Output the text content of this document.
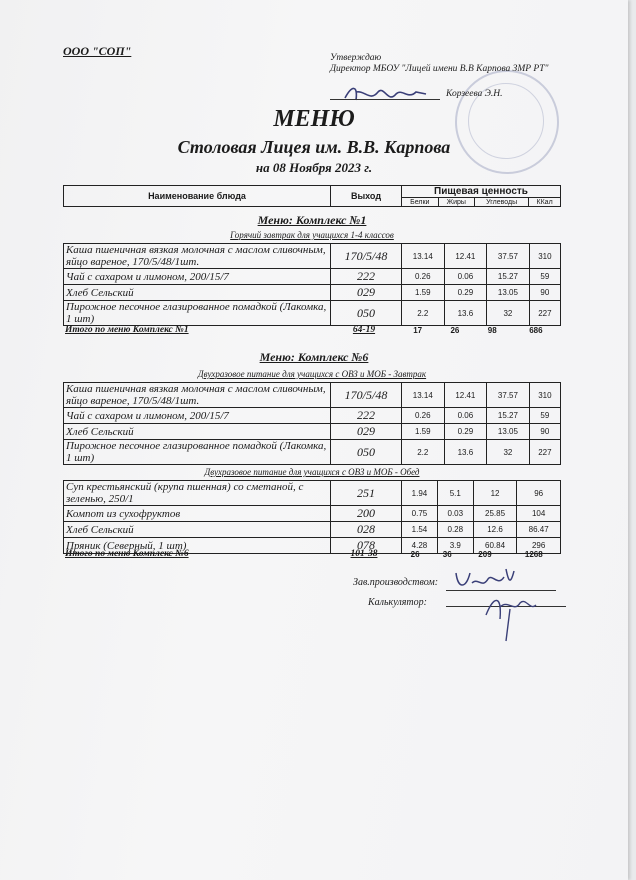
ООО "СОП"	Утверждаю
Директор МБОУ "Лицей имени В.В Карпова ЗМР РТ"
Корзеева Э.Н.
МЕНЮ
Столовая Лицея им. В.В. Карпова
на 08 Ноября 2023 г.
Наименование блюда	Выход	Пищевая ценность			
		Белки	Жиры	Углеводы	ККал
Меню: Комплекс №1
Горячий завтрак для учащихся 1-4 классов
Каша пшеничная вязкая молочная с маслом сливочным, яйцо вареное, 170/5/48/1шт.	170/5/48	13.14	12.41	37.57	310
Чай с сахаром и лимоном, 200/15/7	222	0.26	0.06	15.27	59
Хлеб Сельский	029	1.59	0.29	13.05	90
Пирожное песочное глазированное помадкой (Лакомка, 1 шт)	050	2.2	13.6	32	227
Итого по меню Комплекс №1	64-19	17	26	98	686
Меню: Комплекс №6
Двухразовое питание для учащихся с ОВЗ и МОБ - Завтрак
Каша пшеничная вязкая молочная с маслом сливочным, яйцо вареное, 170/5/48/1шт.	170/5/48	13.14	12.41	37.57	310
Чай с сахаром и лимоном, 200/15/7	222	0.26	0.06	15.27	59
Хлеб Сельский	029	1.59	0.29	13.05	90
Пирожное песочное глазированное помадкой (Лакомка, 1 шт)	050	2.2	13.6	32	227
Двухразовое питание для учащихся с ОВЗ и МОБ - Обед
Суп крестьянский (крупа пшенная) со сметаной, с зеленью, 250/1	251	1.94	5.1	12	96
Компот из сухофруктов	200	0.75	0.03	25.85	104
Хлеб Сельский	028	1.54	0.28	12.6	86.47
Пряник (Северный, 1 шт)	078	4.28	3.9	60.84	296
Итого по меню Комплекс №6	101-38	26	36	209	1268
Зав.производством:
Калькулятор:
